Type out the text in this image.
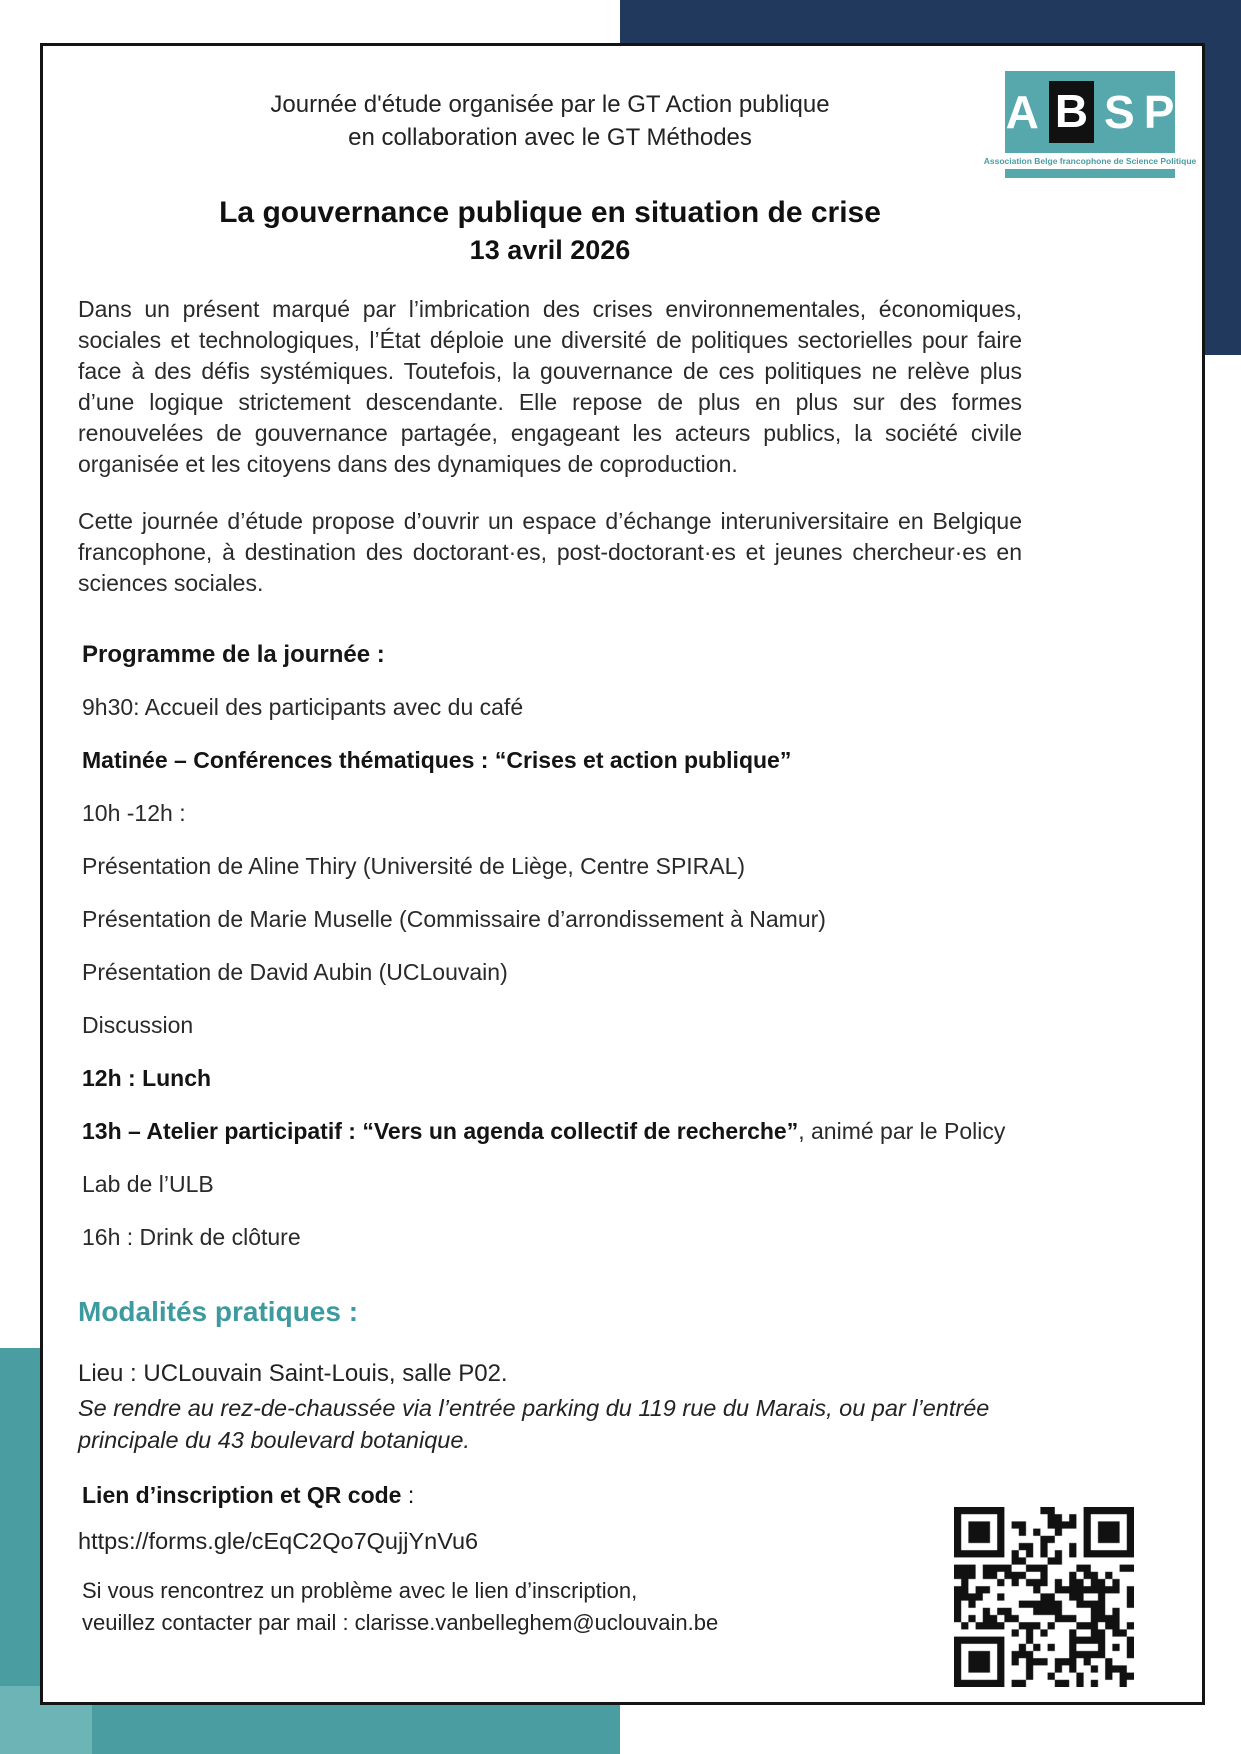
A B S P
Association Belge francophone de Science Politique
Journée d'étude organisée par le GT Action publique
en collaboration avec le GT Méthodes
La gouvernance publique en situation de crise
13 avril 2026

Dans un présent marqué par l’imbrication des crises environnementales, économiques, sociales et technologiques, l’État déploie une diversité de politiques sectorielles pour faire face à des défis systémiques. Toutefois, la gouvernance de ces politiques ne relève plus d’une logique strictement descendante. Elle repose de plus en plus sur des formes renouvelées de gouvernance partagée, engageant les acteurs publics, la société civile organisée et les citoyens dans des dynamiques de coproduction.

Cette journée d’étude propose d’ouvrir un espace d’échange interuniversitaire en Belgique francophone, à destination des doctorant·es, post-doctorant·es et jeunes chercheur·es en sciences sociales.

Programme de la journée :

9h30: Accueil des participants avec du café

Matinée – Conférences thématiques : “Crises et action publique”

10h -12h :

Présentation de Aline Thiry (Université de Liège, Centre SPIRAL)

Présentation de Marie Muselle (Commissaire d’arrondissement à Namur)

Présentation de David Aubin (UCLouvain)

Discussion

12h : Lunch

13h – Atelier participatif : “Vers un agenda collectif de recherche”, animé par le Policy

Lab de l’ULB

16h : Drink de clôture

Modalités pratiques :

Lieu : UCLouvain Saint-Louis, salle P02.

Se rendre au rez-de-chaussée via l’entrée parking du 119 rue du Marais, ou par l’entrée principale du 43 boulevard botanique.

Lien d’inscription et QR code :

https://forms.gle/cEqC2Qo7QujjYnVu6

Si vous rencontrez un problème avec le lien d’inscription,
veuillez contacter par mail : clarisse.vanbelleghem@uclouvain.be
